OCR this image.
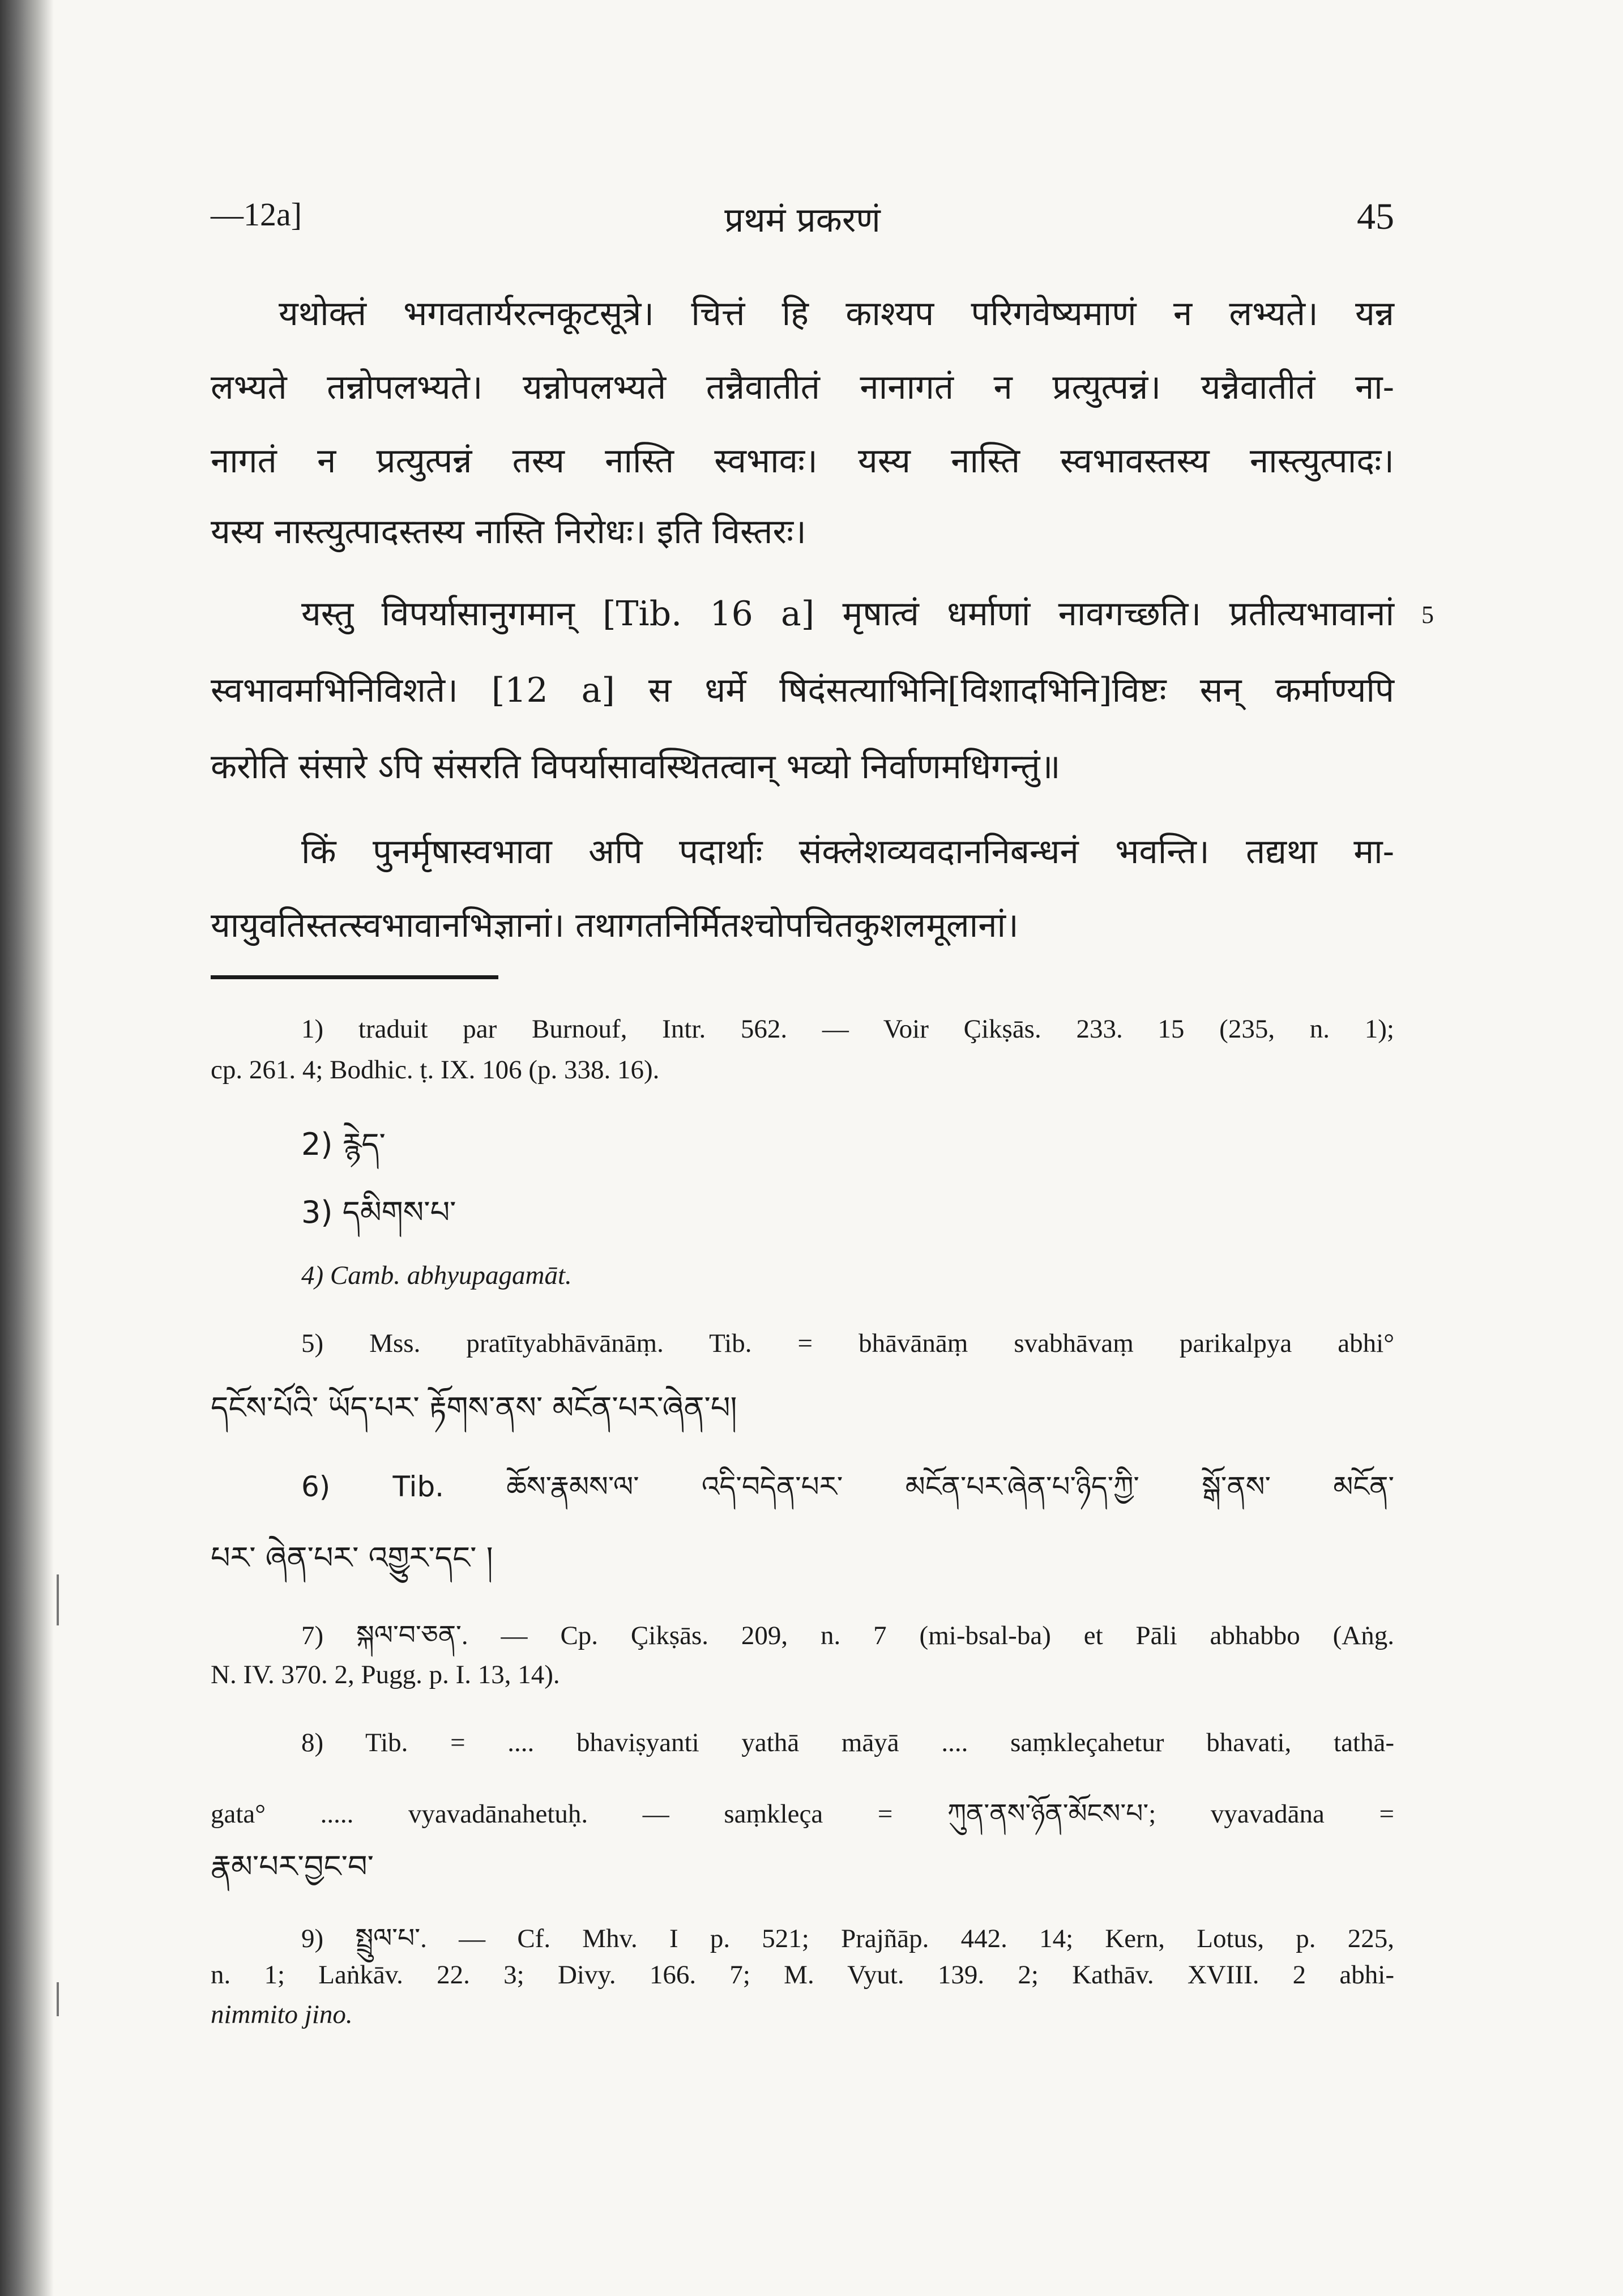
—12a]	प्रथमं प्रकरणं	45
यथोक्तं भगवतार्यरत्नकूटसूत्रे। चित्तं हि काश्यप परिगवेष्यमाणं न लभ्यते। यन्न
लभ्यते तन्नोपलभ्यते। यन्नोपलभ्यते तन्नैवातीतं नानागतं न प्रत्युत्पन्नं। यन्नैवातीतं ना-
नागतं न प्रत्युत्पन्नं तस्य नास्ति स्वभावः। यस्य नास्ति स्वभावस्तस्य नास्त्युत्पादः।
यस्य नास्त्युत्पादस्तस्य नास्ति निरोधः। इति विस्तरः।
यस्तु विपर्यासानुगमान् [Tib. 16 a] मृषात्वं धर्माणां नावगच्छति। प्रतीत्यभावानां
स्वभावमभिनिविशते। [12 a] स धर्मे षिदंसत्याभिनि[विशादभिनि]विष्टः सन् कर्माण्यपि
करोति संसारे ऽपि संसरति विपर्यासावस्थितत्वान् भव्यो निर्वाणमधिगन्तुं॥
किं पुनर्मृषास्वभावा अपि पदार्थाः संक्लेशव्यवदाननिबन्धनं भवन्ति। तद्यथा मा-
यायुवतिस्तत्स्वभावानभिज्ञानां। तथागतनिर्मितश्चोपचितकुशलमूलानां।
5
1) traduit par Burnouf, Intr. 562. — Voir Çikṣās. 233. 15 (235, n. 1);
cp. 261. 4; Bodhic. ṭ. IX. 106 (p. 338. 16).
2) རྙེད་
3) དམིགས་པ་
4) Camb. abhyupagamāt.
5) Mss. pratītyabhāvānāṃ. Tib. = bhāvānāṃ svabhāvaṃ parikalpya abhi°
དངོས་པོའི་ ཡོད་པར་ རྟོགས་ནས་ མངོན་པར་ཞེན་པ།
6) Tib. ཆོས་རྣམས་ལ་ འདི་བདེན་པར་ མངོན་པར་ཞེན་པ་ཉིད་ཀྱི་ སྒོ་ནས་ མངོན་
པར་ ཞེན་པར་ འགྱུར་དང་ །
7) སྐལ་བ་ཅན་. — Cp. Çikṣās. 209, n. 7 (mi-bsal-ba) et Pāli abhabbo (Aṅg.
N. IV. 370. 2, Pugg. p. I. 13, 14).
8) Tib. = .... bhaviṣyanti yathā māyā .... saṃkleçahetur bhavati, tathā-
gata° ..... vyavadānahetuḥ. — saṃkleça = ཀུན་ནས་ཉོན་མོངས་པ་; vyavadāna =
རྣམ་པར་བྱང་བ་
9) སྤྲུལ་པ་. — Cf. Mhv. I p. 521; Prajñāp. 442. 14; Kern, Lotus, p. 225,
n. 1; Laṅkāv. 22. 3; Divy. 166. 7; M. Vyut. 139. 2; Kathāv. XVIII. 2 abhi-
nimmito jino.
